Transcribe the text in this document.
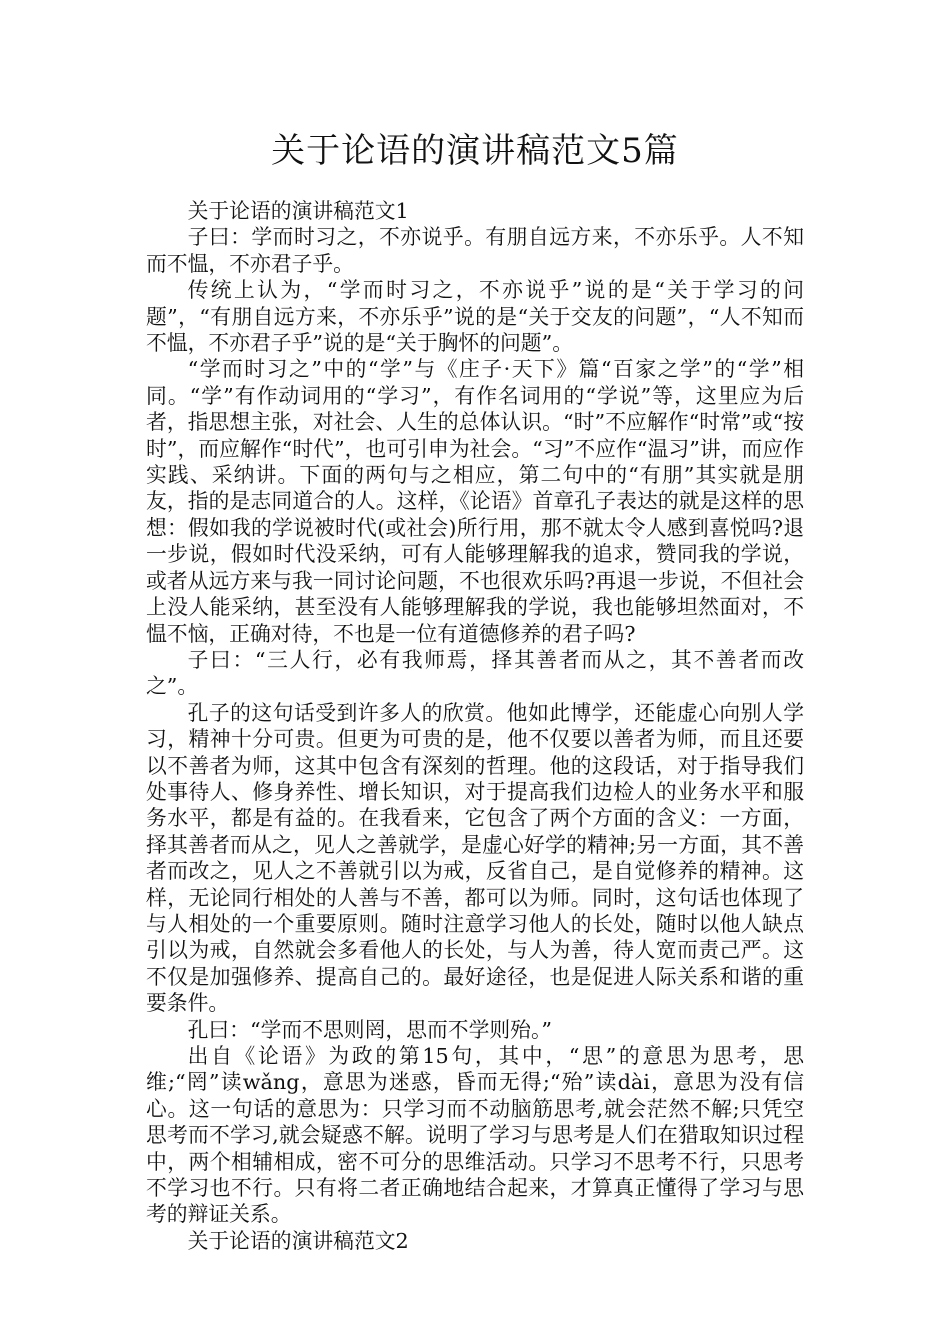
关于论语的演讲稿范文5篇

关于论语的演讲稿范文1

子曰：学而时习之，不亦说乎。有朋自远方来，不亦乐乎。人不知而不愠，不亦君子乎。

传统上认为，“学而时习之，不亦说乎”说的是“关于学习的问题”，“有朋自远方来，不亦乐乎”说的是“关于交友的问题”，“人不知而不愠，不亦君子乎”说的是“关于胸怀的问题”。

“学而时习之”中的“学”与《庄子·天下》篇“百家之学”的“学”相同。“学”有作动词用的“学习”，有作名词用的“学说”等，这里应为后者，指思想主张，对社会、人生的总体认识。“时”不应解作“时常”或“按时”，而应解作“时代”，也可引申为社会。“习”不应作“温习”讲，而应作实践、采纳讲。下面的两句与之相应，第二句中的“有朋”其实就是朋友，指的是志同道合的人。这样，《论语》首章孔子表达的就是这样的思想：假如我的学说被时代(或社会)所行用，那不就太令人感到喜悦吗?退一步说，假如时代没采纳，可有人能够理解我的追求，赞同我的学说，或者从远方来与我一同讨论问题，不也很欢乐吗?再退一步说，不但社会上没人能采纳，甚至没有人能够理解我的学说，我也能够坦然面对，不愠不恼，正确对待，不也是一位有道德修养的君子吗?

子曰：“三人行，必有我师焉，择其善者而从之，其不善者而改之”。

孔子的这句话受到许多人的欣赏。他如此博学，还能虚心向别人学习，精神十分可贵。但更为可贵的是，他不仅要以善者为师，而且还要以不善者为师，这其中包含有深刻的哲理。他的这段话，对于指导我们处事待人、修身养性、增长知识，对于提高我们边检人的业务水平和服务水平，都是有益的。在我看来，它包含了两个方面的含义：一方面，择其善者而从之，见人之善就学，是虚心好学的精神;另一方面，其不善者而改之，见人之不善就引以为戒，反省自己，是自觉修养的精神。这样，无论同行相处的人善与不善，都可以为师。同时，这句话也体现了与人相处的一个重要原则。随时注意学习他人的长处，随时以他人缺点引以为戒，自然就会多看他人的长处，与人为善，待人宽而责己严。这不仅是加强修养、提高自己的。最好途径，也是促进人际关系和谐的重要条件。

孔曰：“学而不思则罔，思而不学则殆。”

出自《论语》为政的第15句，其中，“思”的意思为思考，思维;“罔”读wǎng，意思为迷惑，昏而无得;“殆”读dài，意思为没有信心。这一句话的意思为：只学习而不动脑筋思考,就会茫然不解;只凭空思考而不学习,就会疑惑不解。说明了学习与思考是人们在猎取知识过程中，两个相辅相成，密不可分的思维活动。只学习不思考不行，只思考不学习也不行。只有将二者正确地结合起来，才算真正懂得了学习与思考的辩证关系。

关于论语的演讲稿范文2
